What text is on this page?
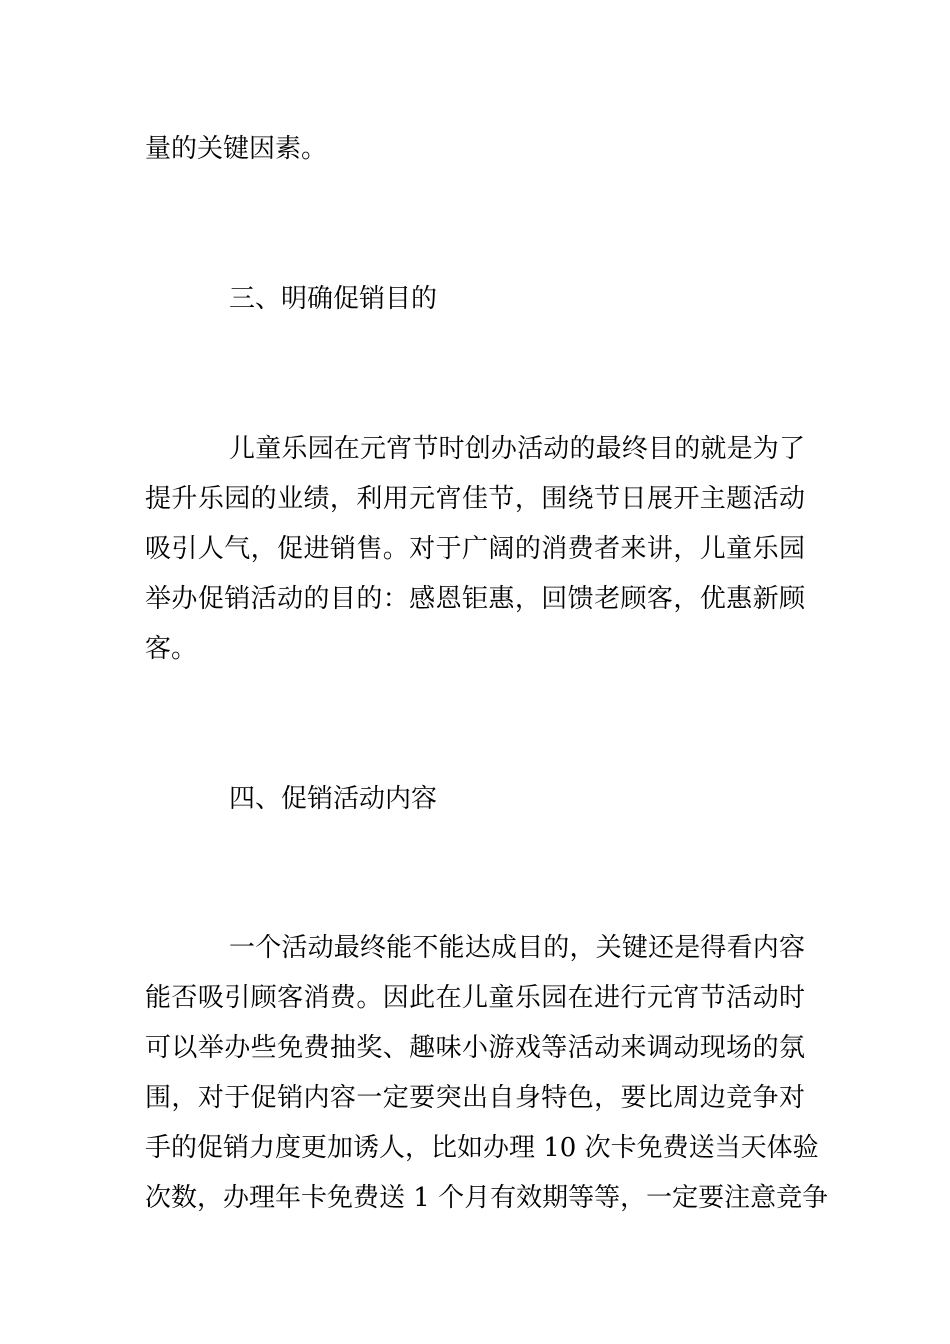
量的关键因素。
三、明确促销目的
儿童乐园在元宵节时创办活动的最终目的就是为了
提升乐园的业绩，利用元宵佳节，围绕节日展开主题活动
吸引人气，促进销售。对于广阔的消费者来讲，儿童乐园
举办促销活动的目的：感恩钜惠，回馈老顾客，优惠新顾
客。
四、促销活动内容
一个活动最终能不能达成目的，关键还是得看内容
能否吸引顾客消费。因此在儿童乐园在进行元宵节活动时
可以举办些免费抽奖、趣味小游戏等活动来调动现场的氛
围，对于促销内容一定要突出自身特色，要比周边竞争对
手的促销力度更加诱人，比如办理 10 次卡免费送当天体验
次数，办理年卡免费送 1 个月有效期等等，一定要注意竞争
